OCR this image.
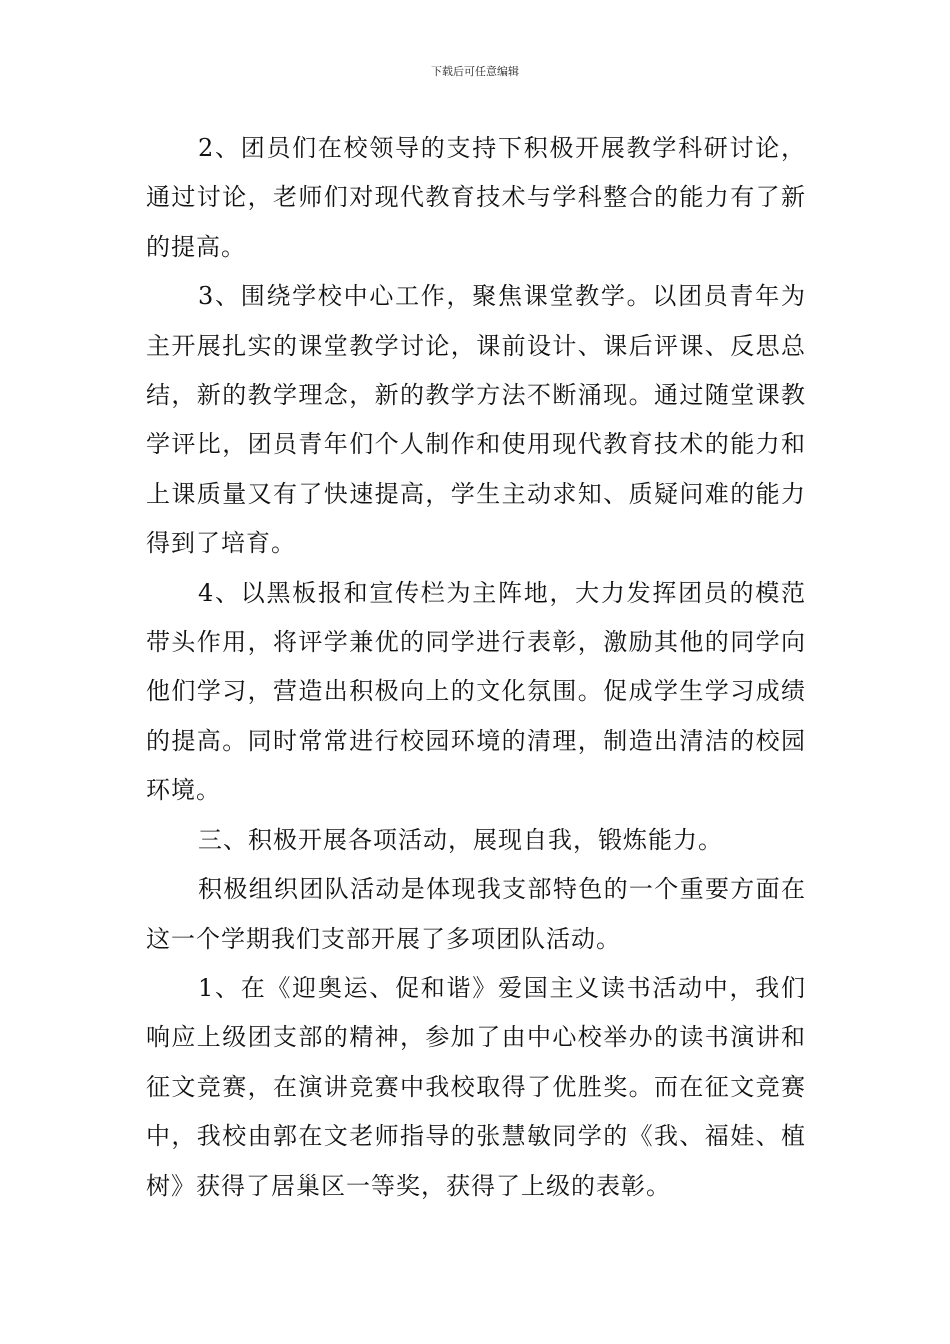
下载后可任意编辑

2、团员们在校领导的支持下积极开展教学科研讨论，通过讨论，老师们对现代教育技术与学科整合的能力有了新的提高。

3、围绕学校中心工作，聚焦课堂教学。以团员青年为主开展扎实的课堂教学讨论，课前设计、课后评课、反思总结，新的教学理念，新的教学方法不断涌现。通过随堂课教学评比，团员青年们个人制作和使用现代教育技术的能力和上课质量又有了快速提高，学生主动求知、质疑问难的能力得到了培育。

4、以黑板报和宣传栏为主阵地，大力发挥团员的模范带头作用，将评学兼优的同学进行表彰，激励其他的同学向他们学习，营造出积极向上的文化氛围。促成学生学习成绩的提高。同时常常进行校园环境的清理，制造出清洁的校园环境。

三、积极开展各项活动，展现自我，锻炼能力。

积极组织团队活动是体现我支部特色的一个重要方面在这一个学期我们支部开展了多项团队活动。

1、在《迎奥运、促和谐》爱国主义读书活动中，我们响应上级团支部的精神，参加了由中心校举办的读书演讲和征文竞赛，在演讲竞赛中我校取得了优胜奖。而在征文竞赛中，我校由郭在文老师指导的张慧敏同学的《我、福娃、植树》获得了居巢区一等奖，获得了上级的表彰。
